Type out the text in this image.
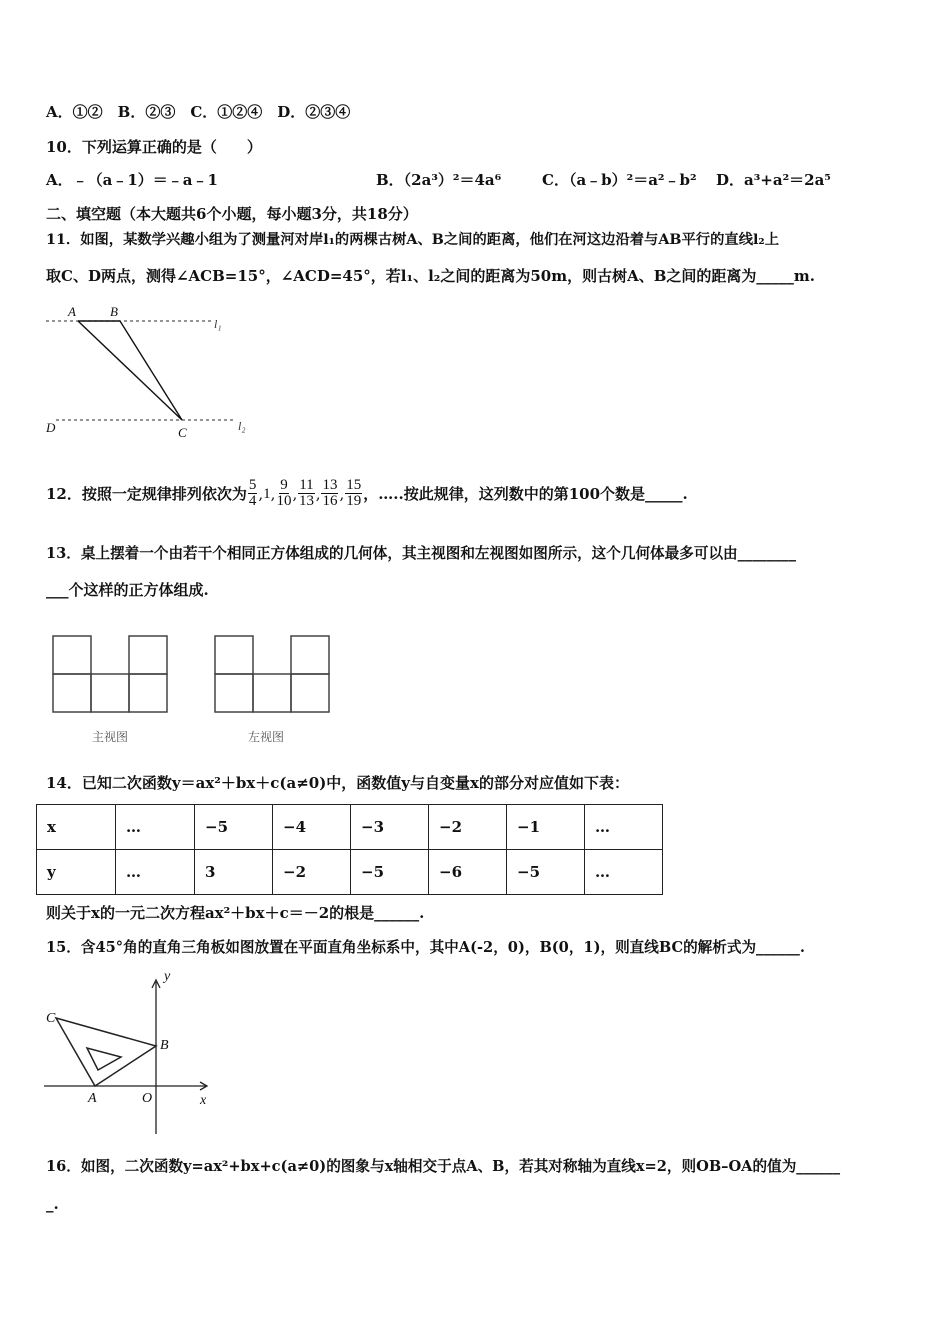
A．①②　B．②③　C．①②④　D．②③④
10．下列运算正确的是（　　）
A．﹣（a﹣1）＝﹣a﹣1	B．（2a³）²＝4a⁶	C．（a﹣b）²＝a²﹣b² D．a³+a²＝2a⁵
二、填空题（本大题共6个小题，每小题3分，共18分）
11．如图，某数学兴趣小组为了测量河对岸l₁的两棵古树A、B之间的距离，他们在河这边沿着与AB平行的直线l₂上
取C、D两点，测得∠ACB=15°，∠ACD=45°，若l₁、l₂之间的距离为50m，则古树A、B之间的距离为_____m.
A	B
l₁
D	C	l₂
12．按照一定规律排列依次为 $\frac{5}{4}$ , 1 , $\frac{9}{10}$ , $\frac{11}{13}$ , $\frac{13}{16}$ , $\frac{15}{19}$ ，…..按此规律，这列数中的第100个数是_____.
13．桌上摆着一个由若干个相同正方体组成的几何体，其主视图和左视图如图所示，这个几何体最多可以由________
___个这样的正方体组成.
主视图	左视图
14．已知二次函数y＝ax²＋bx＋c(a≠0)中，函数值y与自变量x的部分对应值如下表：
x	…	−5	−4	−3	−2	−1	…
y	…	3	−2	−5	−6	−5	…
则关于x的一元二次方程ax²＋bx＋c＝－2的根是______.
15．含45°角的直角三角板如图放置在平面直角坐标系中，其中A(-2，0)，B(0，1)，则直线BC的解析式为______.
C
B
A	O	x
y
16．如图，二次函数y=ax²+bx+c(a≠0)的图象与x轴相交于点A、B，若其对称轴为直线x=2，则OB–OA的值为______
_.
